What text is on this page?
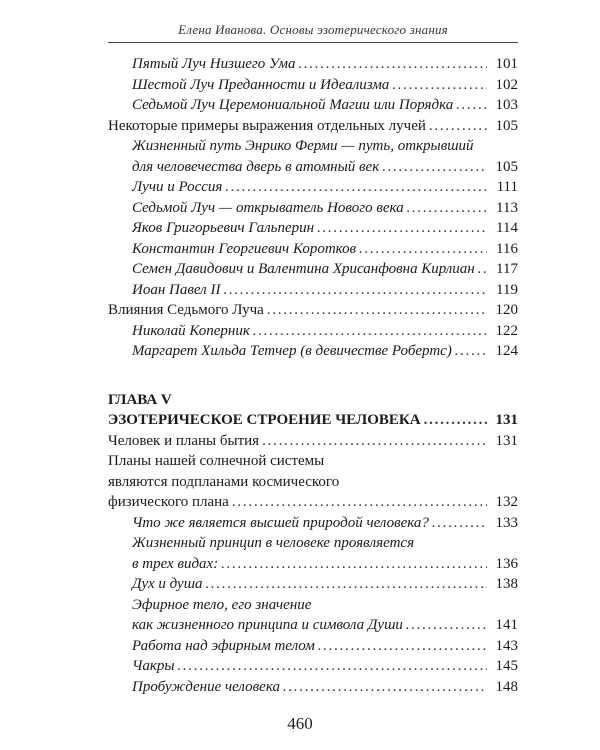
Елена Иванова. Основы эзотерического знания
Пятый Луч Низшего Ума . . .	101
Шестой Луч Преданности и Идеализма . . .	102
Седьмой Луч Церемониальной Магии или Порядка . . .	103
Некоторые примеры выражения отдельных лучей . . .	105
Жизненный путь Энрико Ферми — путь, открывший
для человечества дверь в атомный век . . .	105
Лучи и Россия . . .	111
Седьмой Луч — открыватель Нового века . . .	113
Яков Григорьевич Гальперин . . .	114
Константин Георгиевич Коротков . . .	116
Семен Давидович и Валентина Хрисанфовна Кирлиан . . .	117
Иоан Павел II . . .	119
Влияния Седьмого Луча . . .	120
Николай Коперник . . .	122
Маргарет Хильда Тетчер (в девичестве Робертс) . . .	124
ГЛАВА V
ЭЗОТЕРИЧЕСКОЕ СТРОЕНИЕ ЧЕЛОВЕКА . . .	131
Человек и планы бытия . . .	131
Планы нашей солнечной системы
являются подпланами космического
физического плана . . .	132
Что же является высшей природой человека? . . .	133
Жизненный принцип в человеке проявляется
в трех видах: . . .	136
Дух и душа . . .	138
Эфирное тело, его значение
как жизненного принципа и символа Души . . .	141
Работа над эфирным телом . . .	143
Чакры . . .	145
Пробуждение человека . . .	148
460
